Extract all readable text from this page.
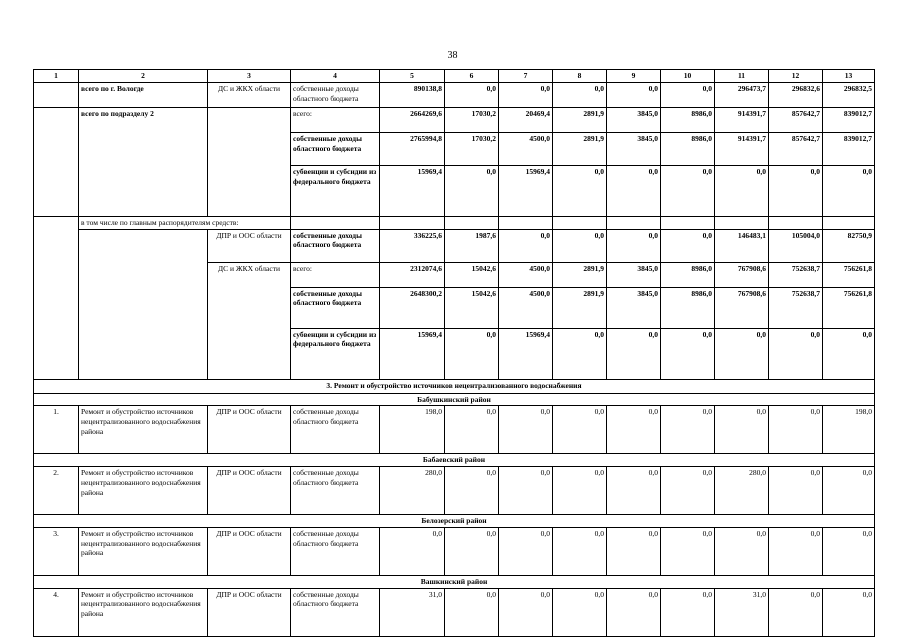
38
1	2	3	4	5	6	7	8	9	10	11	12	13
	всего по г. Вологде	ДС и ЖКХ области	собственные доходы областного бюджета	890138,8	0,0	0,0	0,0	0,0	0,0	296473,7	296832,6	296832,5
	всего по подразделу 2		всего:	2664269,6	17030,2	20469,4	2891,9	3845,0	8986,0	914391,7	857642,7	839012,7
			собственные доходы областного бюджета	2765994,8	17030,2	4500,0	2891,9	3845,0	8986,0	914391,7	857642,7	839012,7
			субвенции и субсидии из федерального бюджета	15969,4	0,0	15969,4	0,0	0,0	0,0	0,0	0,0	0,0
	в том числе по главным распорядителям средств:											
		ДПР и ООС области	собственные доходы областного бюджета	336225,6	1987,6	0,0	0,0	0,0	0,0	146483,1	105004,0	82750,9
		ДС и ЖКХ области	всего:	2312074,6	15042,6	4500,0	2891,9	3845,0	8986,0	767908,6	752638,7	756261,8
			собственные доходы областного бюджета	2648300,2	15042,6	4500,0	2891,9	3845,0	8986,0	767908,6	752638,7	756261,8
			субвенции и субсидии из федерального бюджета	15969,4	0,0	15969,4	0,0	0,0	0,0	0,0	0,0	0,0
3. Ремонт и обустройство источников нецентрализованного водоснабжения												
Бабушкинский район												
1.	Ремонт и обустройство источников нецентрализованного водоснабжения района	ДПР и ООС области	собственные доходы областного бюджета	198,0	0,0	0,0	0,0	0,0	0,0	0,0	0,0	198,0
Бабаевский район												
2.	Ремонт и обустройство источников нецентрализованного водоснабжения района	ДПР и ООС области	собственные доходы областного бюджета	280,0	0,0	0,0	0,0	0,0	0,0	280,0	0,0	0,0
Белозерский район												
3.	Ремонт и обустройство источников нецентрализованного водоснабжения района	ДПР и ООС области	собственные доходы областного бюджета	0,0	0,0	0,0	0,0	0,0	0,0	0,0	0,0	0,0
Вашкинский район												
4.	Ремонт и обустройство источников нецентрализованного водоснабжения района	ДПР и ООС области	собственные доходы областного бюджета	31,0	0,0	0,0	0,0	0,0	0,0	31,0	0,0	0,0
